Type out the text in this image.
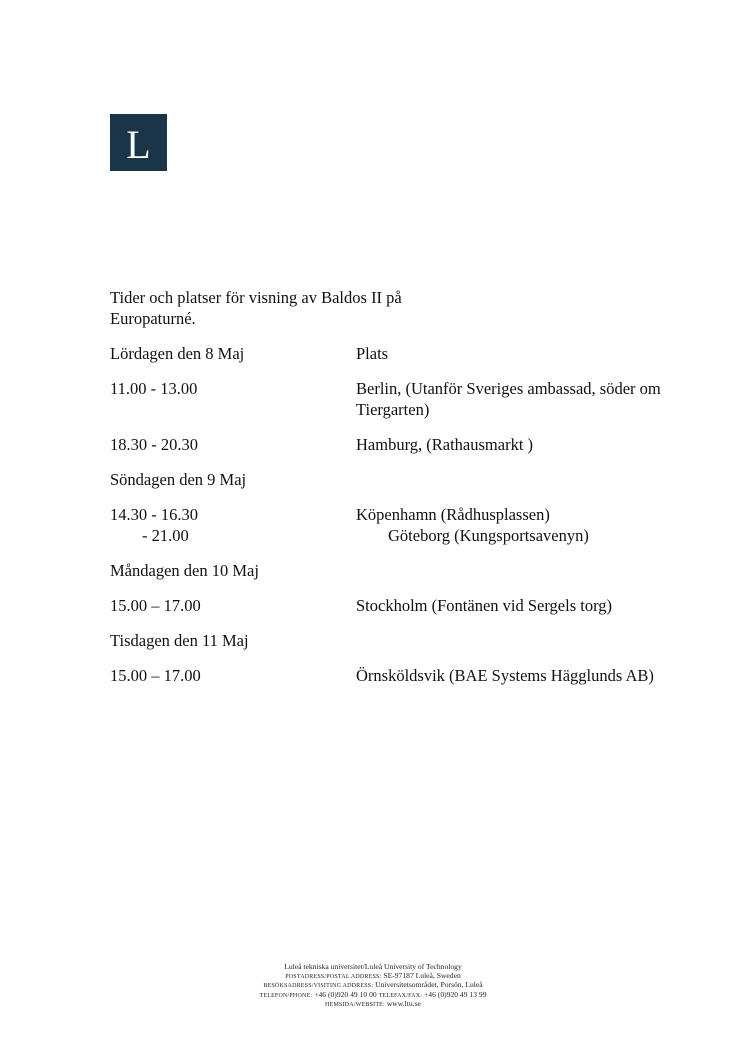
L

Tider och platser för visning av Baldos II på Europaturné.

Lördagen den 8 Maj	Plats
11.00 - 13.00	Berlin, (Utanför Sveriges ambassad, söder om Tiergarten)
18.30 - 20.30	Hamburg, (Rathausmarkt )
Söndagen den 9 Maj
14.30 - 16.30	Köpenhamn (Rådhusplassen)
- 21.00	Göteborg (Kungsportsavenyn)
Måndagen den 10 Maj
15.00 – 17.00	Stockholm (Fontänen vid Sergels torg)
Tisdagen den 11 Maj
15.00 – 17.00	Örnsköldsvik (BAE Systems Hägglunds AB)
Luleå tekniska universitet/Luleå University of Technology
POSTADRESS/POSTAL ADDRESS: SE-97187 Luleå, Sweden
BESÖKSADRESS/VISITING ADDRESS: Universitetsområdet, Porsön, Luleå
TELEFON/PHONE: +46 (0)920 49 10 00 TELEFAX/FAX: +46 (0)920 49 13 99
HEMSIDA/WEBSITE: www.ltu.se
